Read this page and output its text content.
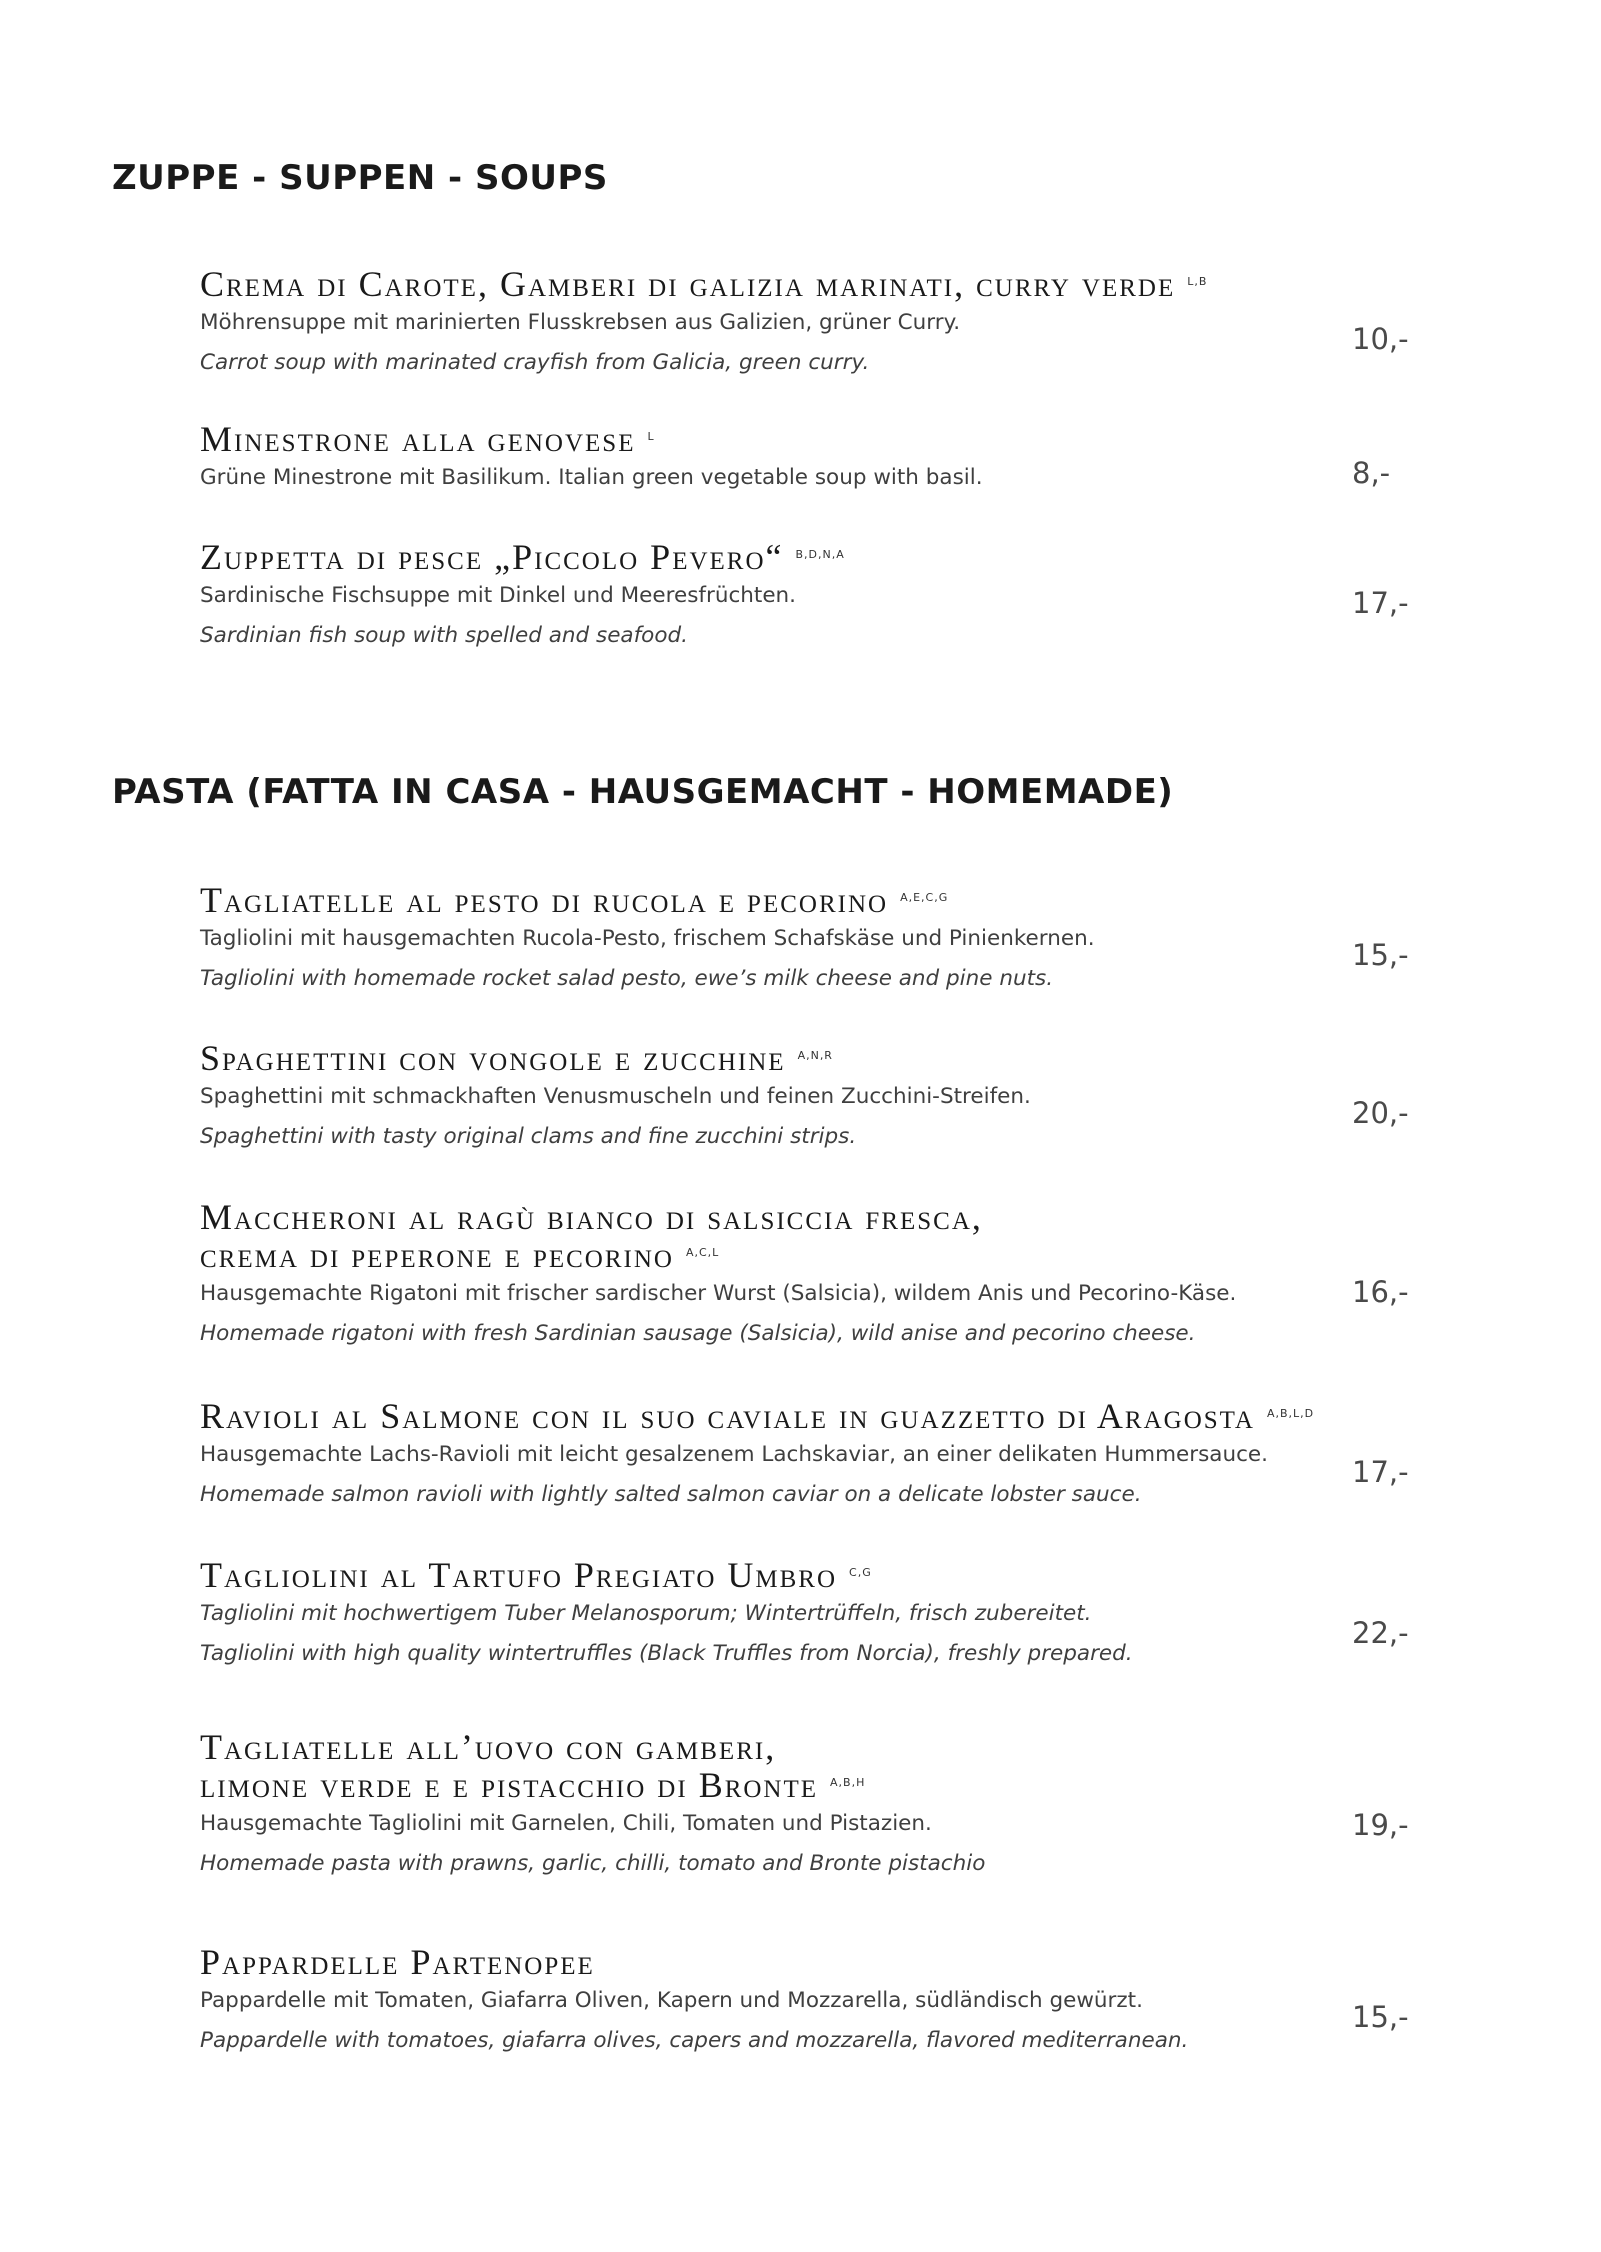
ZUPPE - SUPPEN - SOUPS

Crema di Carote, Gamberi di galizia marinati, curry verde $^{L,B}$

Möhrensuppe mit marinierten Flusskrebsen aus Galizien, grüner Curry.

Carrot soup with marinated crayfish from Galicia, green curry.

10,-

Minestrone alla genovese $^L$

Grüne Minestrone mit Basilikum. Italian green vegetable soup with basil.	8,-

Zuppetta di pesce „Piccolo Pevero“ $^{B,D,N,A}$

Sardinische Fischsuppe mit Dinkel und Meeresfrüchten.

Sardinian fish soup with spelled and seafood.

17,-
PASTA (FATTA IN CASA - HAUSGEMACHT - HOMEMADE)

Tagliatelle al pesto di rucola e pecorino $^{A,E,C,G}$

Tagliolini mit hausgemachten Rucola-Pesto, frischem Schafskäse und Pinienkernen.

Tagliolini with homemade rocket salad pesto, ewe’s milk cheese and pine nuts.

15,-

Spaghettini con vongole e zucchine $^{A,N,R}$

Spaghettini mit schmackhaften Venusmuscheln und feinen Zucchini-Streifen.

Spaghettini with tasty original clams and fine zucchini strips.

20,-

Maccheroni al ragù bianco di salsiccia fresca,

crema di peperone e pecorino $^{A,C,L}$

Hausgemachte Rigatoni mit frischer sardischer Wurst (Salsicia), wildem Anis und Pecorino-Käse.

Homemade rigatoni with fresh Sardinian sausage (Salsicia), wild anise and pecorino cheese.

16,-

Ravioli al Salmone con il suo caviale in guazzetto di Aragosta $^{A,B,L,D}$

Hausgemachte Lachs-Ravioli mit leicht gesalzenem Lachskaviar, an einer delikaten Hummersauce.

Homemade salmon ravioli with lightly salted salmon caviar on a delicate lobster sauce.

17,-

Tagliolini al Tartufo Pregiato Umbro $^{C,G}$

Tagliolini mit hochwertigem Tuber Melanosporum; Wintertrüffeln, frisch zubereitet.

Tagliolini with high quality wintertruffles (Black Truffles from Norcia), freshly prepared.

22,-

Tagliatelle all’uovo con gamberi,

limone verde e e pistacchio di Bronte $^{A,B,H}$

Hausgemachte Tagliolini mit Garnelen, Chili, Tomaten und Pistazien.

Homemade pasta with prawns, garlic, chilli, tomato and Bronte pistachio

19,-

Pappardelle Partenopee

Pappardelle mit Tomaten, Giafarra Oliven, Kapern und Mozzarella, südländisch gewürzt.

Pappardelle with tomatoes, giafarra olives, capers and mozzarella, flavored mediterranean.

15,-
